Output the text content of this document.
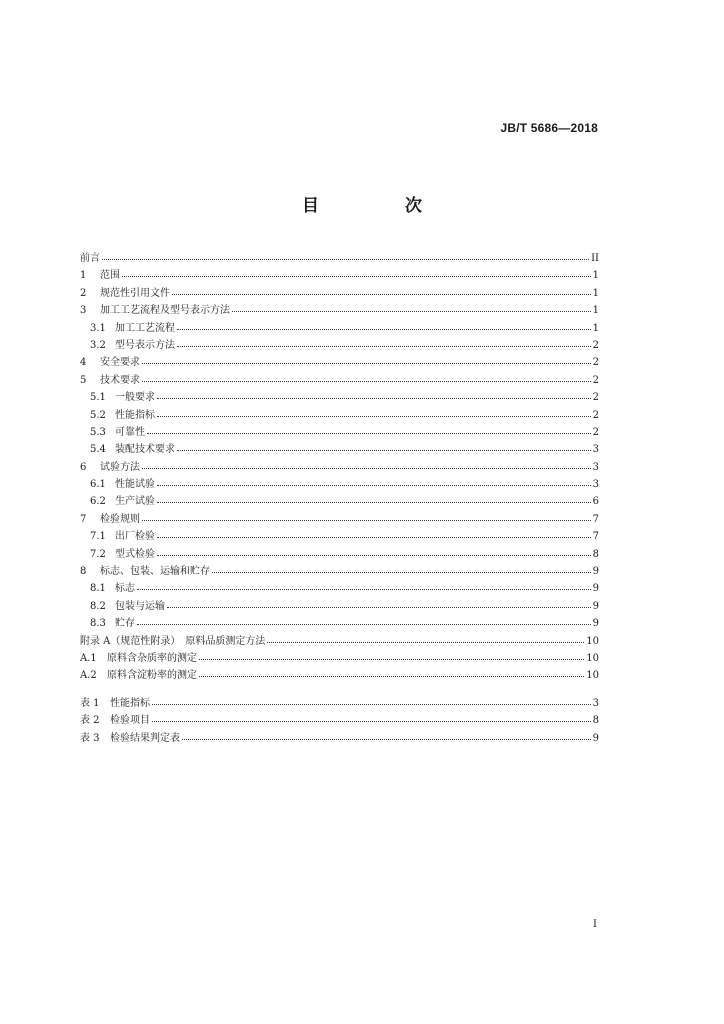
JB/T 5686—2018
目 次
前言	II
1	范围	1
2	规范性引用文件	1
3	加工工艺流程及型号表示方法	1
3.1 加工工艺流程	1
3.2 型号表示方法	2
4	安全要求	2
5	技术要求	2
5.1 一般要求	2
5.2 性能指标	2
5.3 可靠性	2
5.4 装配技术要求	3
6	试验方法	3
6.1 性能试验	3
6.2 生产试验	6
7	检验规则	7
7.1 出厂检验	7
7.2 型式检验	8
8	标志、包装、运输和贮存	9
8.1 标志	9
8.2 包装与运输	9
8.3 贮存	9
附录 A（规范性附录）　原料品质测定方法	10
A.1	原料含杂质率的测定	10
A.2	原料含淀粉率的测定	10
表 1	性能指标	3
表 2	检验项目	8
表 3	检验结果判定表	9
I
